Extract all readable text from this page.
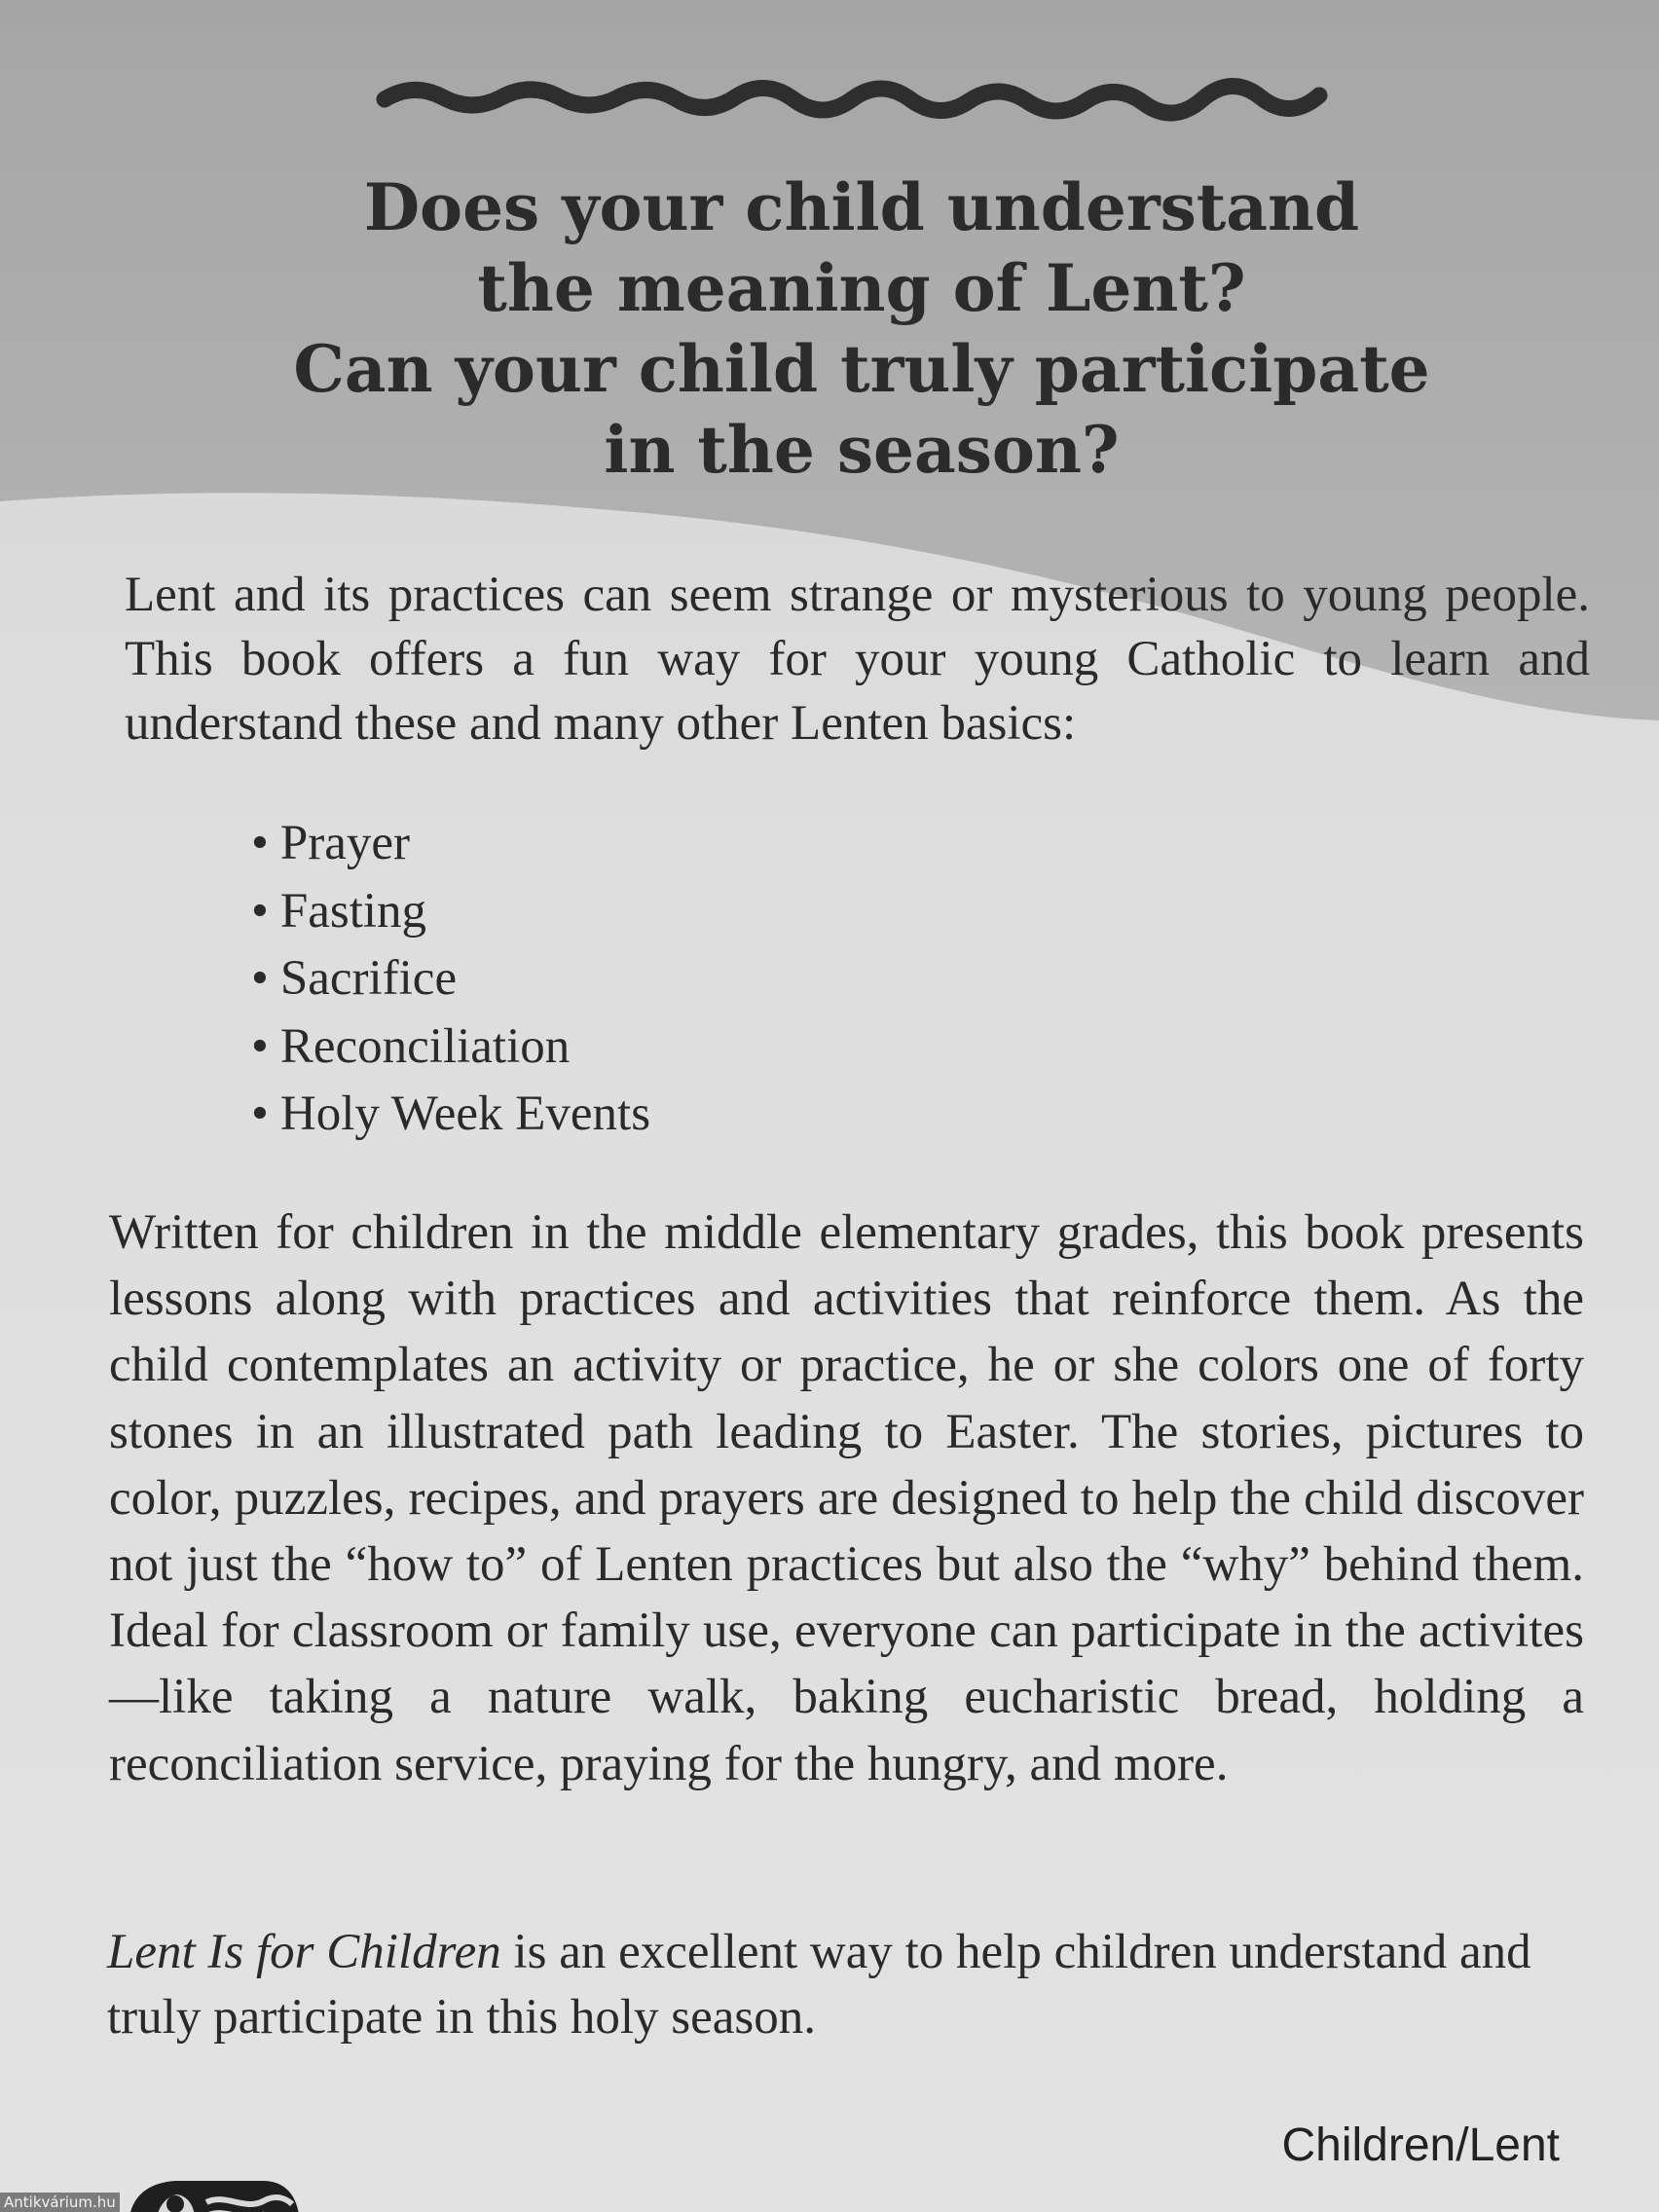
Does your child understand
the meaning of Lent?
Can your child truly participate
in the season?

Lent and its practices can seem strange or mysterious to young people. This book offers a fun way for your young Catholic to learn and understand these and many other Lenten basics:

• Prayer
• Fasting
• Sacrifice
• Reconciliation
• Holy Week Events

Written for children in the middle elementary grades, this book presents lessons along with practices and activities that reinforce them. As the child contemplates an activity or practice, he or she colors one of forty stones in an illustrated path leading to Easter. The stories, pictures to color, puzzles, recipes, and prayers are designed to help the child discover not just the “how to” of Lenten practices but also the “why” behind them. Ideal for classroom or family use, everyone can participate in the activites—like taking a nature walk, baking eucharistic bread, holding a reconciliation service, praying for the hungry, and more.

Lent Is for Children is an excellent way to help children understand and truly participate in this holy season.

Children/Lent

Antikvárium.hu
